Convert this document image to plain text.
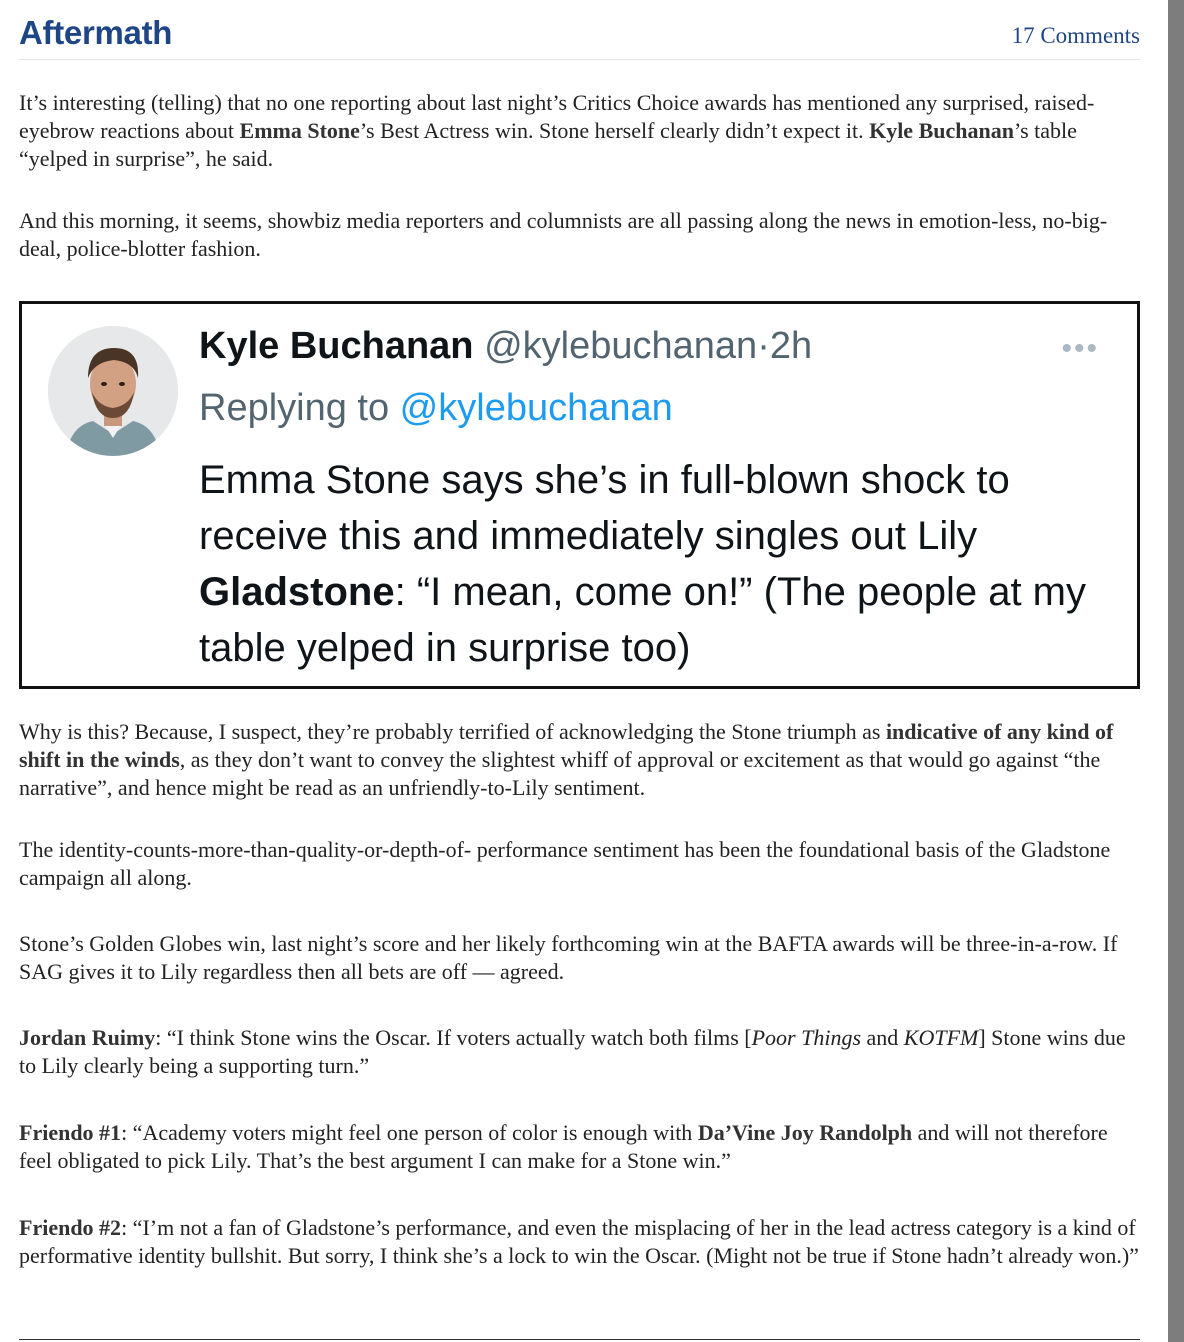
Aftermath	17 Comments

It’s interesting (telling) that no one reporting about last night’s Critics Choice awards has mentioned any surprised, raised-eyebrow reactions about Emma Stone’s Best Actress win. Stone herself clearly didn’t expect it. Kyle Buchanan’s table “yelped in surprise”, he said.

And this morning, it seems, showbiz media reporters and columnists are all passing along the news in emotion-less, no-big-deal, police-blotter fashion.

Kyle Buchanan @kylebuchanan·2h	•••
Replying to @kylebuchanan
Emma Stone says she’s in full-blown shock to receive this and immediately singles out Lily Gladstone: “I mean, come on!” (The people at my table yelped in surprise too)

Why is this? Because, I suspect, they’re probably terrified of acknowledging the Stone triumph as indicative of any kind of shift in the winds, as they don’t want to convey the slightest whiff of approval or excitement as that would go against “the narrative”, and hence might be read as an unfriendly-to-Lily sentiment.

The identity-counts-more-than-quality-or-depth-of- performance sentiment has been the foundational basis of the Gladstone campaign all along.

Stone’s Golden Globes win, last night’s score and her likely forthcoming win at the BAFTA awards will be three-in-a-row. If SAG gives it to Lily regardless then all bets are off — agreed.

Jordan Ruimy: “I think Stone wins the Oscar. If voters actually watch both films [Poor Things and KOTFM] Stone wins due to Lily clearly being a supporting turn.”

Friendo #1: “Academy voters might feel one person of color is enough with Da’Vine Joy Randolph and will not therefore feel obligated to pick Lily. That’s the best argument I can make for a Stone win.”

Friendo #2: “I’m not a fan of Gladstone’s performance, and even the misplacing of her in the lead actress category is a kind of performative identity bullshit. But sorry, I think she’s a lock to win the Oscar. (Might not be true if Stone hadn’t already won.)”
